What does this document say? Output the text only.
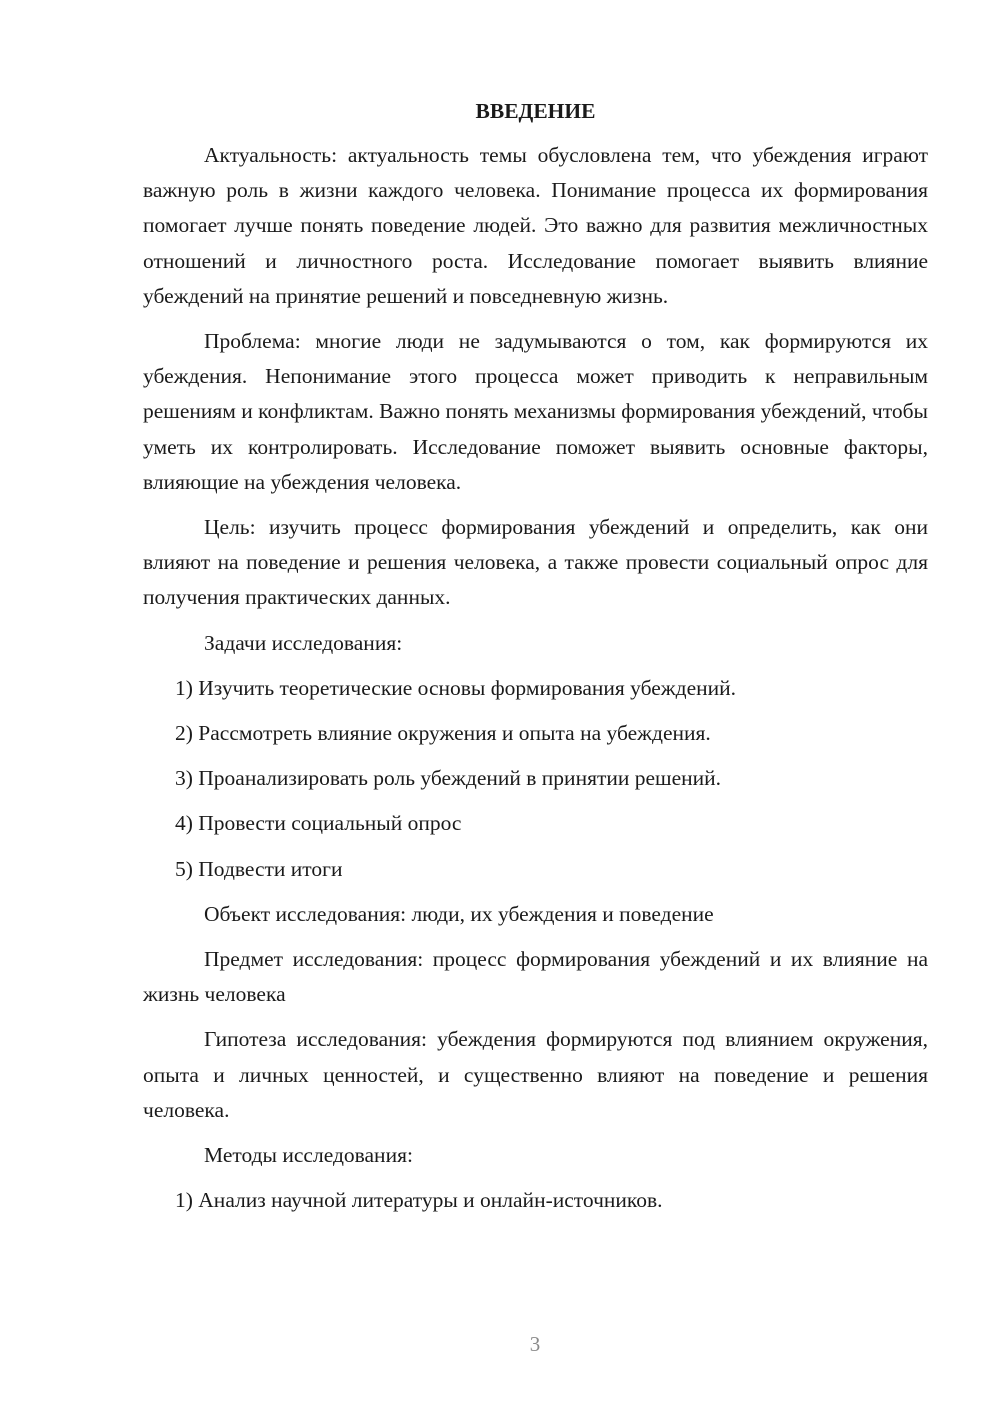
ВВЕДЕНИЕ

Актуальность: актуальность темы обусловлена тем, что убеждения играют важную роль в жизни каждого человека. Понимание процесса их формирования помогает лучше понять поведение людей. Это важно для развития межличностных отношений и личностного роста. Исследование помогает выявить влияние убеждений на принятие решений и повседневную жизнь.

Проблема: многие люди не задумываются о том, как формируются их убеждения. Непонимание этого процесса может приводить к неправильным решениям и конфликтам. Важно понять механизмы формирования убеждений, чтобы уметь их контролировать. Исследование поможет выявить основные факторы, влияющие на убеждения человека.

Цель: изучить процесс формирования убеждений и определить, как они влияют на поведение и решения человека, а также провести социальный опрос для получения практических данных.

Задачи исследования:

1) Изучить теоретические основы формирования убеждений.

2) Рассмотреть влияние окружения и опыта на убеждения.

3) Проанализировать роль убеждений в принятии решений.

4) Провести социальный опрос

5) Подвести итоги

Объект исследования: люди, их убеждения и поведение

Предмет исследования: процесс формирования убеждений и их влияние на жизнь человека

Гипотеза исследования: убеждения формируются под влиянием окружения, опыта и личных ценностей, и существенно влияют на поведение и решения человека.

Методы исследования:

1) Анализ научной литературы и онлайн-источников.

3
